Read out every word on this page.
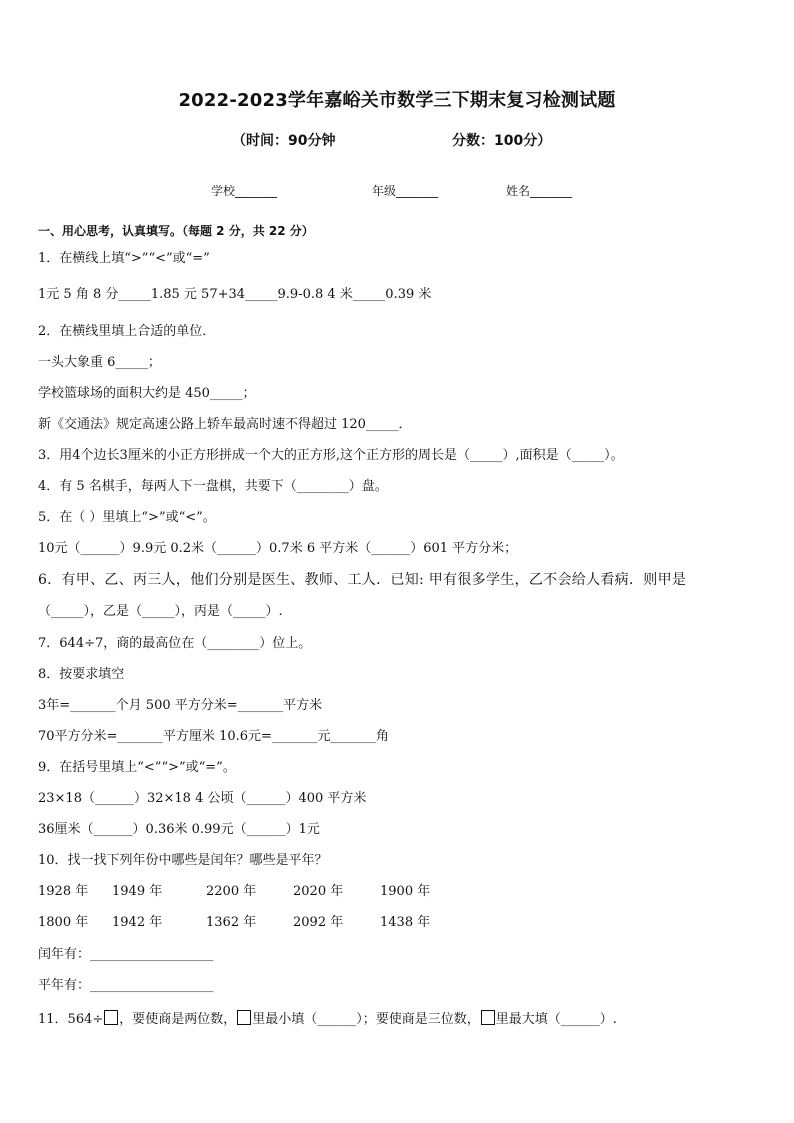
2022-2023学年嘉峪关市数学三下期末复习检测试题
（时间：90分钟	分数：100分）
学校_______	年级_______	姓名_______
一、用心思考，认真填写。（每题 2 分，共 22 分）
1．在横线上填“>”“<”或“=”
1元 5 角 8 分_____1.85 元 57+34_____9.9-0.8 4 米_____0.39 米
2．在横线里填上合适的单位．
一头大象重 6_____；
学校篮球场的面积大约是 450_____；
新《交通法》规定高速公路上轿车最高时速不得超过 120_____．
3．用4个边长3厘米的小正方形拼成一个大的正方形,这个正方形的周长是（_____）,面积是（_____）。
4．有 5 名棋手，每两人下一盘棋，共要下（________）盘。
5．在（ ）里填上“>”或“<”。
10元（______）9.9元 0.2米（______）0.7米 6 平方米（______）601 平方分米；
6．有甲、乙、丙三人，他们分别是医生、教师、工人．已知: 甲有很多学生，乙不会给人看病．则甲是
（_____），乙是（_____），丙是（_____）.
7．644÷7，商的最高位在（________）位上。
8．按要求填空
3年=_______个月 500 平方分米=_______平方米
70平方分米=_______平方厘米 10.6元=_______元_______角
9．在括号里填上“<”“>”或“=”。
23×18（______）32×18 4 公顷（______）400 平方米
36厘米（______）0.36米 0.99元（______）1元
10．找一找下列年份中哪些是闰年？哪些是平年？
1928 年	1949 年	2200 年	2020 年	1900 年
1800 年	1942 年	1362 年	2092 年	1438 年
闰年有：___________________
平年有：___________________
11．564÷ ，要使商是两位数， 里最小填（______）；要使商是三位数， 里最大填（______）.
